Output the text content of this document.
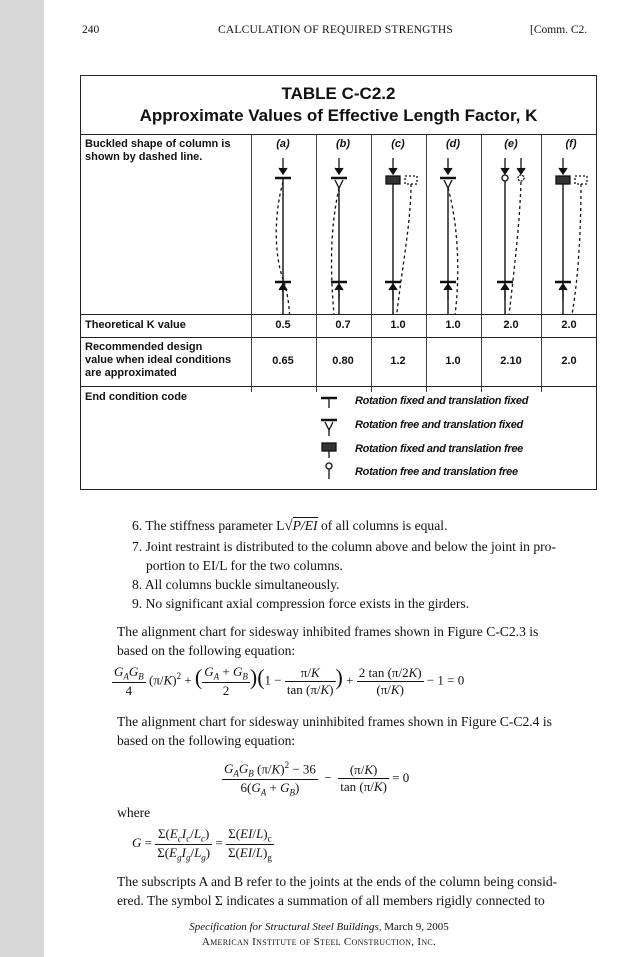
240	CALCULATION OF REQUIRED STRENGTHS	[Comm. C2.
TABLE C-C2.2
Approximate Values of Effective Length Factor, K
Buckled shape of column is
shown by dashed line.
(a)	(b)	(c)	(d)	(e)	(f)
Theoretical K value	0.5	0.7	1.0	1.0	2.0	2.0
Recommended design
value when ideal conditions
are approximated
0.65	0.80	1.2	1.0	2.10	2.0
End condition code	Rotation fixed and translation fixed
Rotation free and translation fixed
Rotation fixed and translation free
Rotation free and translation free
6. The stiffness parameter L√P/EI of all columns is equal.
7. Joint restraint is distributed to the column above and below the joint in pro-
portion to EI/L for the two columns.
8. All columns buckle simultaneously.
9. No significant axial compression force exists in the girders.
The alignment chart for sidesway inhibited frames shown in Figure C-C2.3 is
based on the following equation:
$\frac{G_AG_B}{4} (\pi/K)^2$ + ( $\frac{G_A + G_B}{2} )(1 - \frac{\pi/K}{\tan (\pi/K)}$ ) + $\frac{2 \tan (\pi/2K)}{(\pi/K)} - 1 = 0$
The alignment chart for sidesway uninhibited frames shown in Figure C-C2.4 is
based on the following equation:
$\frac{G_AG_B (\pi/K)^2 - 36}{6(G_A + G_B)} - \frac{(\pi/K)}{\tan (\pi/K)} = 0$
where
$G = \frac{\Sigma(E_cI_c/L_c)}{\Sigma(E_gI_g/L_g)} = \frac{\Sigma(EI/L)_c}{\Sigma(EI/L)_g}$
The subscripts A and B refer to the joints at the ends of the column being consid-
ered. The symbol Σ indicates a summation of all members rigidly connected to
Specification for Structural Steel Buildings, March 9, 2005
American Institute of Steel Construction, Inc.
